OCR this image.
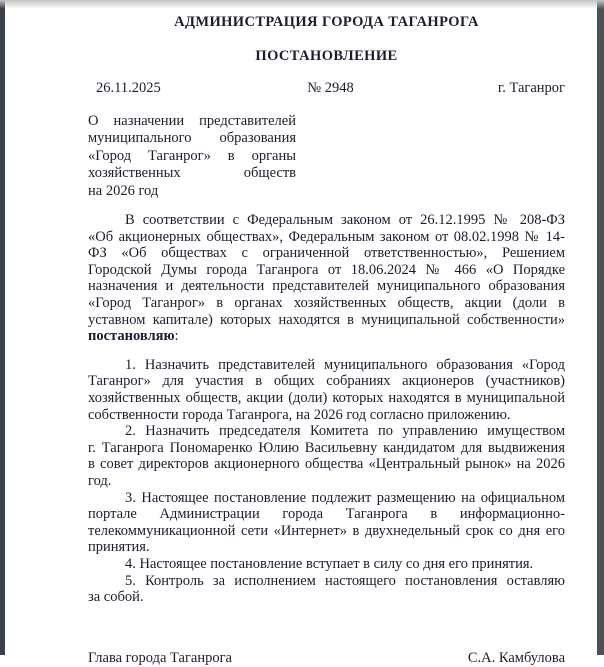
АДМИНИСТРАЦИЯ ГОРОДА ТАГАНРОГА
ПОСТАНОВЛЕНИЕ
26.11.2025	№ 2948	г. Таганрог
О назначении представителей муниципального образования «Город Таганрог» в органы хозяйственных обществ на 2026 год

В соответствии с Федеральным законом от 26.12.1995 № 208-ФЗ «Об акционерных обществах», Федеральным законом от 08.02.1998 № 14-ФЗ «Об обществах с ограниченной ответственностью», Решением Городской Думы города Таганрога от 18.06.2024 № 466 «О Порядке назначения и деятельности представителей муниципального образования «Город Таганрог» в органах хозяйственных обществ, акции (доли в уставном капитале) которых находятся в муниципальной собственности» постановляю:

1. Назначить представителей муниципального образования «Город Таганрог» для участия в общих собраниях акционеров (участников) хозяйственных обществ, акции (доли) которых находятся в муниципальной собственности города Таганрога, на 2026 год согласно приложению.

2. Назначить председателя Комитета по управлению имуществом г. Таганрога Пономаренко Юлию Васильевну кандидатом для выдвижения в совет директоров акционерного общества «Центральный рынок» на 2026 год.

3. Настоящее постановление подлежит размещению на официальном портале Администрации города Таганрога в информационно-телекоммуникационной сети «Интернет» в двухнедельный срок со дня его принятия.

4. Настоящее постановление вступает в силу со дня его принятия.

5. Контроль за исполнением настоящего постановления оставляю за собой.

Глава города Таганрога	С.А. Камбулова
